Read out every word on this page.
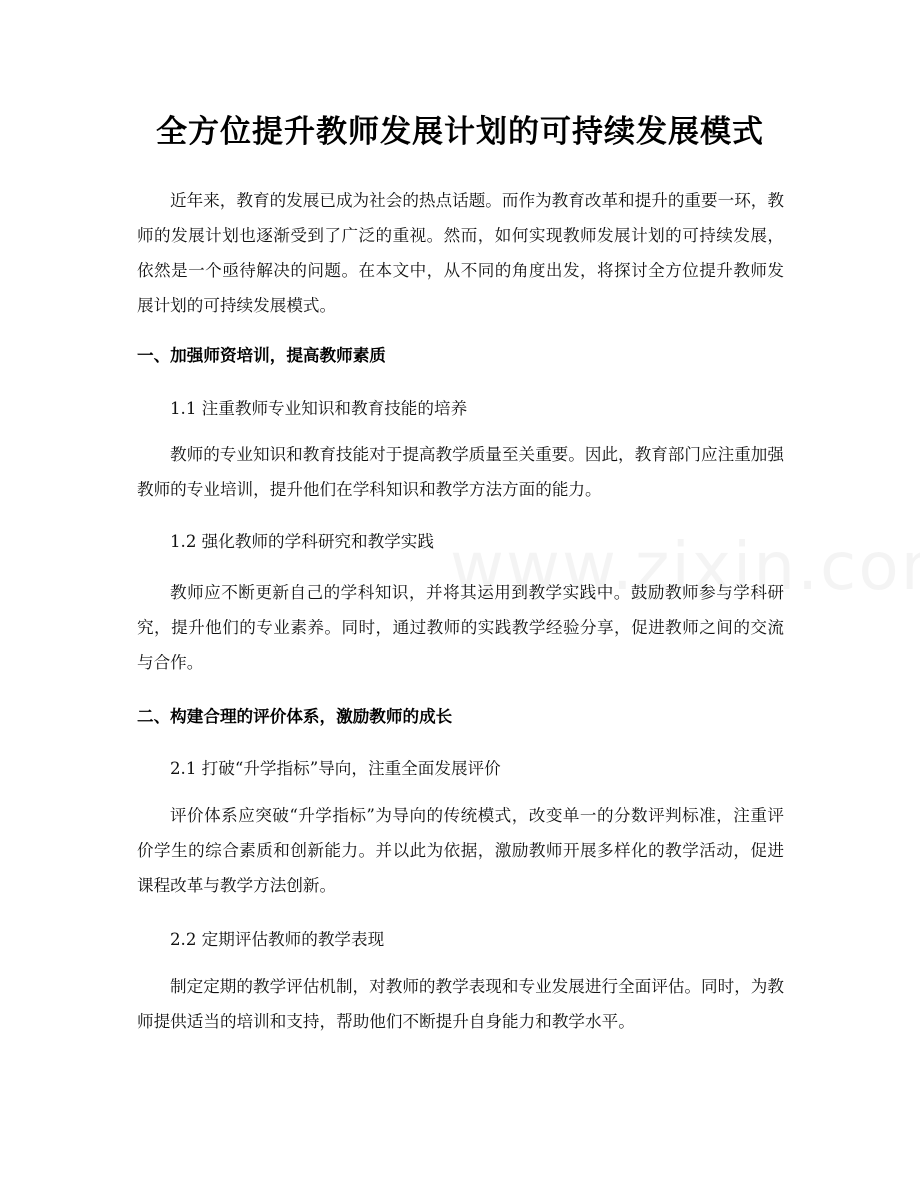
全方位提升教师发展计划的可持续发展模式

近年来，教育的发展已成为社会的热点话题。而作为教育改革和提升的重要一环，教师的发展计划也逐渐受到了广泛的重视。然而，如何实现教师发展计划的可持续发展，依然是一个亟待解决的问题。在本文中，从不同的角度出发，将探讨全方位提升教师发展计划的可持续发展模式。

一、加强师资培训，提高教师素质

1.1 注重教师专业知识和教育技能的培养

教师的专业知识和教育技能对于提高教学质量至关重要。因此，教育部门应注重加强教师的专业培训，提升他们在学科知识和教学方法方面的能力。

1.2 强化教师的学科研究和教学实践

教师应不断更新自己的学科知识，并将其运用到教学实践中。鼓励教师参与学科研究，提升他们的专业素养。同时，通过教师的实践教学经验分享，促进教师之间的交流与合作。

二、构建合理的评价体系，激励教师的成长

2.1 打破“升学指标”导向，注重全面发展评价

评价体系应突破“升学指标”为导向的传统模式，改变单一的分数评判标准，注重评价学生的综合素质和创新能力。并以此为依据，激励教师开展多样化的教学活动，促进课程改革与教学方法创新。

2.2 定期评估教师的教学表现

制定定期的教学评估机制，对教师的教学表现和专业发展进行全面评估。同时，为教师提供适当的培训和支持，帮助他们不断提升自身能力和教学水平。
